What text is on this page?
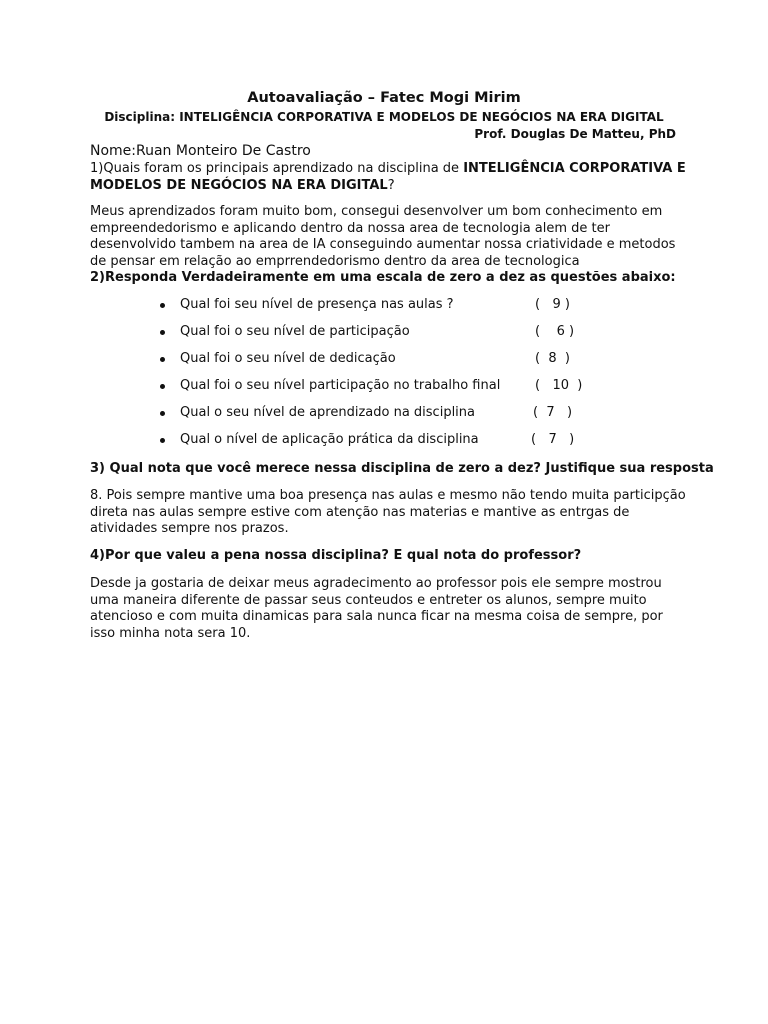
Autoavaliação – Fatec Mogi Mirim
Disciplina: INTELIGÊNCIA CORPORATIVA E MODELOS DE NEGÓCIOS NA ERA DIGITAL
Prof. Douglas De Matteu, PhD
Nome:Ruan Monteiro De Castro
1)Quais foram os principais aprendizado na disciplina de INTELIGÊNCIA CORPORATIVA E MODELOS DE NEGÓCIOS NA ERA DIGITAL?
Meus aprendizados foram muito bom, consegui desenvolver um bom conhecimento em empreendedorismo e aplicando dentro da nossa area de tecnologia alem de ter desenvolvido tambem na area de IA conseguindo aumentar nossa criatividade e metodos de pensar em relação ao emprrendedorismo dentro da area de tecnologica
2)Responda Verdadeiramente em uma escala de zero a dez as questões abaixo:
Qual foi seu nível de presença nas aulas ?	(   9 )
Qual foi o seu nível de participação	(    6 )
Qual foi o seu nível de dedicação	(  8  )
Qual foi o seu nível participação no trabalho final	(   10  )
Qual o seu nível de aprendizado na disciplina	(  7   )
Qual o nível de aplicação prática da disciplina	(   7   )
3) Qual nota que você merece nessa disciplina de zero a dez? Justifique sua resposta
8. Pois sempre mantive uma boa presença nas aulas e mesmo não tendo muita participção direta nas aulas sempre estive com atenção nas materias e mantive as entrgas de atividades sempre nos prazos.
4)Por que valeu a pena nossa disciplina? E qual nota do professor?
Desde ja gostaria de deixar meus agradecimento ao professor pois ele sempre mostrou uma maneira diferente de passar seus conteudos e entreter os alunos, sempre muito atencioso e com muita dinamicas para sala nunca ficar na mesma coisa de sempre, por isso minha nota sera 10.
